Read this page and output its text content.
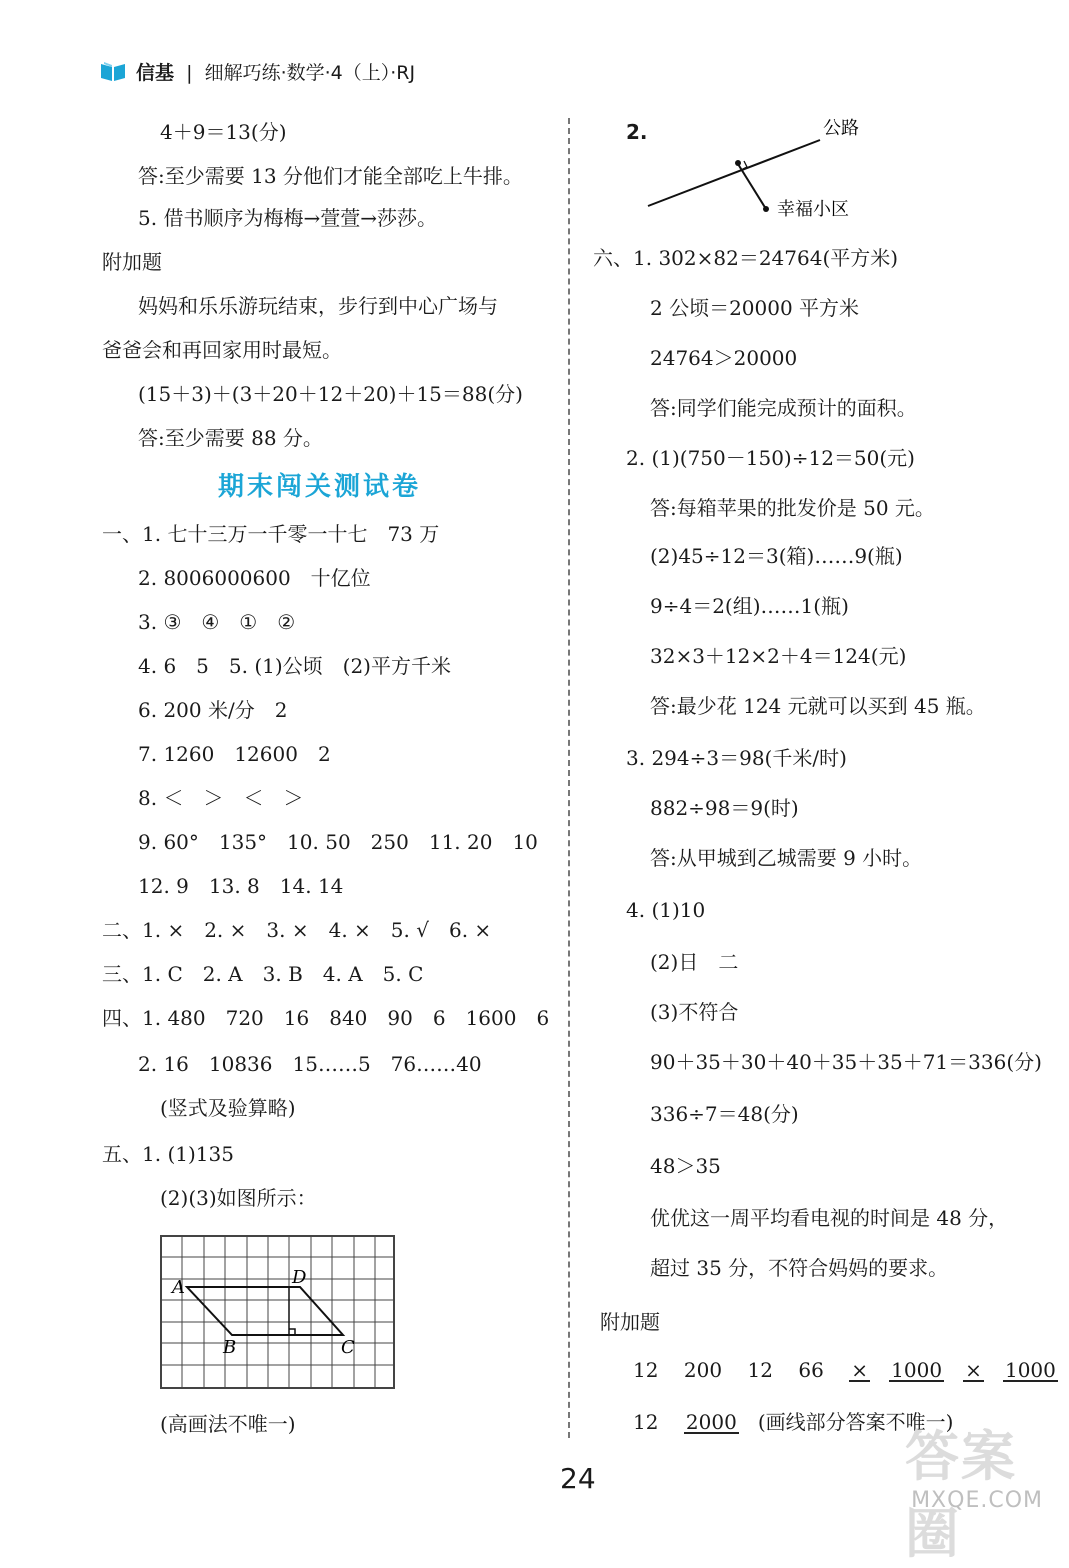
信基 | 细解巧练·数学·4（上）·RJ
4＋9＝13(分)
答:至少需要 13 分他们才能全部吃上牛排。
5. 借书顺序为梅梅→萱萱→莎莎。
附加题
妈妈和乐乐游玩结束，步行到中心广场与
爸爸会和再回家用时最短。
(15＋3)＋(3＋20＋12＋20)＋15＝88(分)
答:至少需要 88 分。
期末闯关测试卷
一、1. 七十三万一千零一十七　73 万
2. 8006000600　十亿位
3. ③　④　①　②
4. 6　5　5. (1)公顷　(2)平方千米
6. 200 米/分　2
7. 1260　12600　2
8. ＜　＞　＜　＞
9. 60°　135°　10. 50　250　11. 20　10
12. 9　13. 8　14. 14
二、1. ×　2. ×　3. ×　4. ×　5. √　6. ×
三、1. C　2. A　3. B　4. A　5. C
四、1. 480　720　16　840　90　6　1600　6
2. 16　10836　15……5　76……40
(竖式及验算略)
五、1. (1)135
(2)(3)如图所示：
A	D
B	C
(高画法不唯一)
2.	公路
幸福小区
六、1. 302×82＝24764(平方米)
2 公顷＝20000 平方米
24764＞20000
答:同学们能完成预计的面积。
2. (1)(750－150)÷12＝50(元)
答:每箱苹果的批发价是 50 元。
(2)45÷12＝3(箱)……9(瓶)
9÷4＝2(组)……1(瓶)
32×3＋12×2＋4＝124(元)
答:最少花 124 元就可以买到 45 瓶。
3. 294÷3＝98(千米/时)
882÷98＝9(时)
答:从甲城到乙城需要 9 小时。
4. (1)10
(2)日　二
(3)不符合
90＋35＋30＋40＋35＋35＋71＝336(分)
336÷7＝48(分)
48＞35
优优这一周平均看电视的时间是 48 分，
超过 35 分，不符合妈妈的要求。
附加题
12 200 12 66 × 1000 × 1000
12 2000 (画线部分答案不唯一)
24	答案圈
MXQE.COM
